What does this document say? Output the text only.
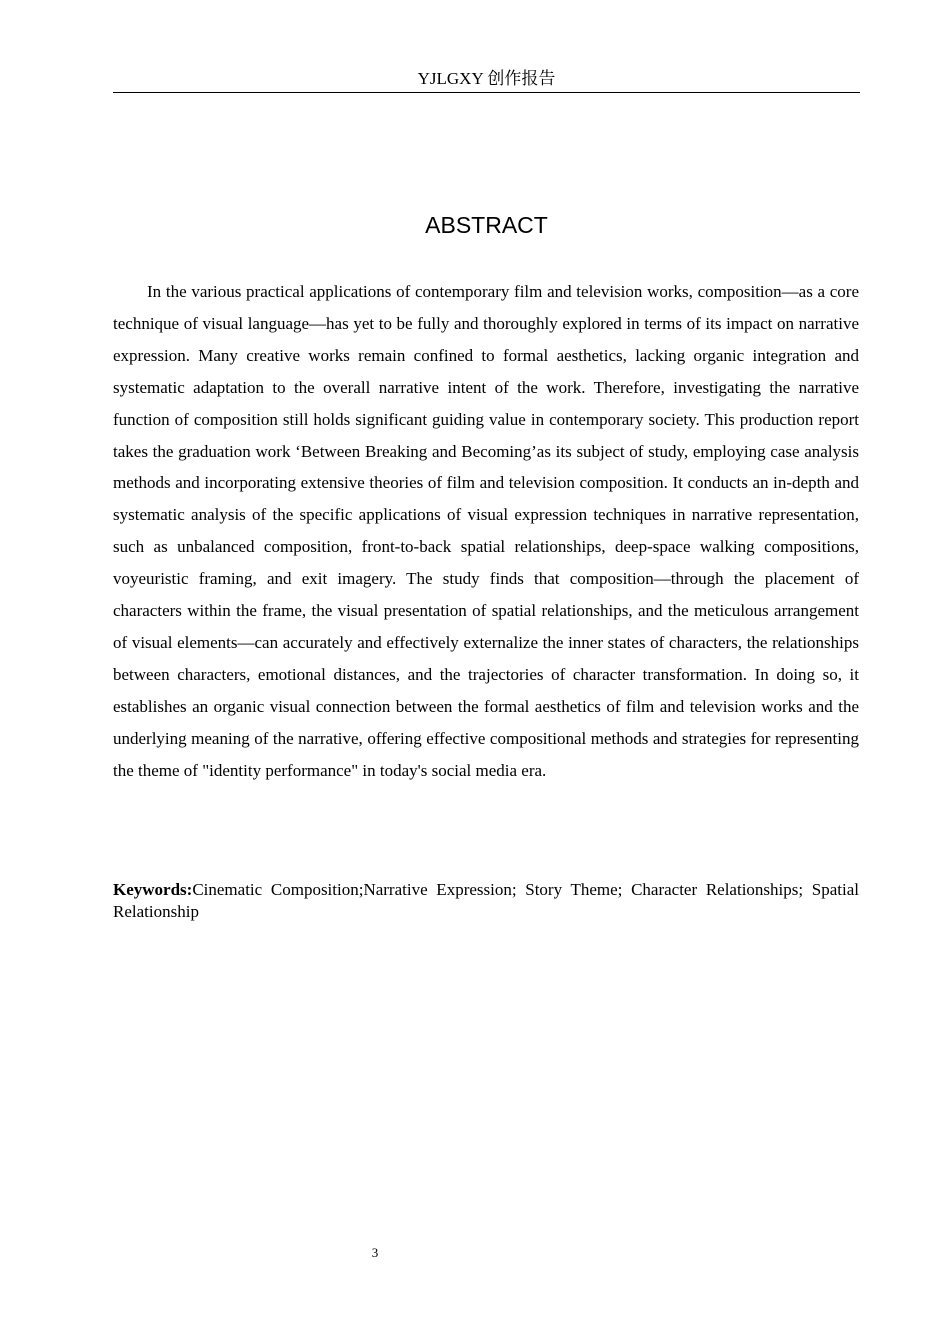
YJLGXY 创作报告
ABSTRACT

In the various practical applications of contemporary film and television works, composition—as a core technique of visual language—has yet to be fully and thoroughly explored in terms of its impact on narrative expression. Many creative works remain confined to formal aesthetics, lacking organic integration and systematic adaptation to the overall narrative intent of the work. Therefore, investigating the narrative function of composition still holds significant guiding value in contemporary society. This production report takes the graduation work ‘Between Breaking and Becoming’as its subject of study, employing case analysis methods and incorporating extensive theories of film and television composition. It conducts an in-depth and systematic analysis of the specific applications of visual expression techniques in narrative representation, such as unbalanced composition, front-to-back spatial relationships, deep-space walking compositions, voyeuristic framing, and exit imagery. The study finds that composition—through the placement of characters within the frame, the visual presentation of spatial relationships, and the meticulous arrangement of visual elements—can accurately and effectively externalize the inner states of characters, the relationships between characters, emotional distances, and the trajectories of character transformation. In doing so, it establishes an organic visual connection between the formal aesthetics of film and television works and the underlying meaning of the narrative, offering effective compositional methods and strategies for representing the theme of "identity performance" in today's social media era.

Keywords:Cinematic Composition;Narrative Expression; Story Theme; Character Relationships; Spatial Relationship

3
